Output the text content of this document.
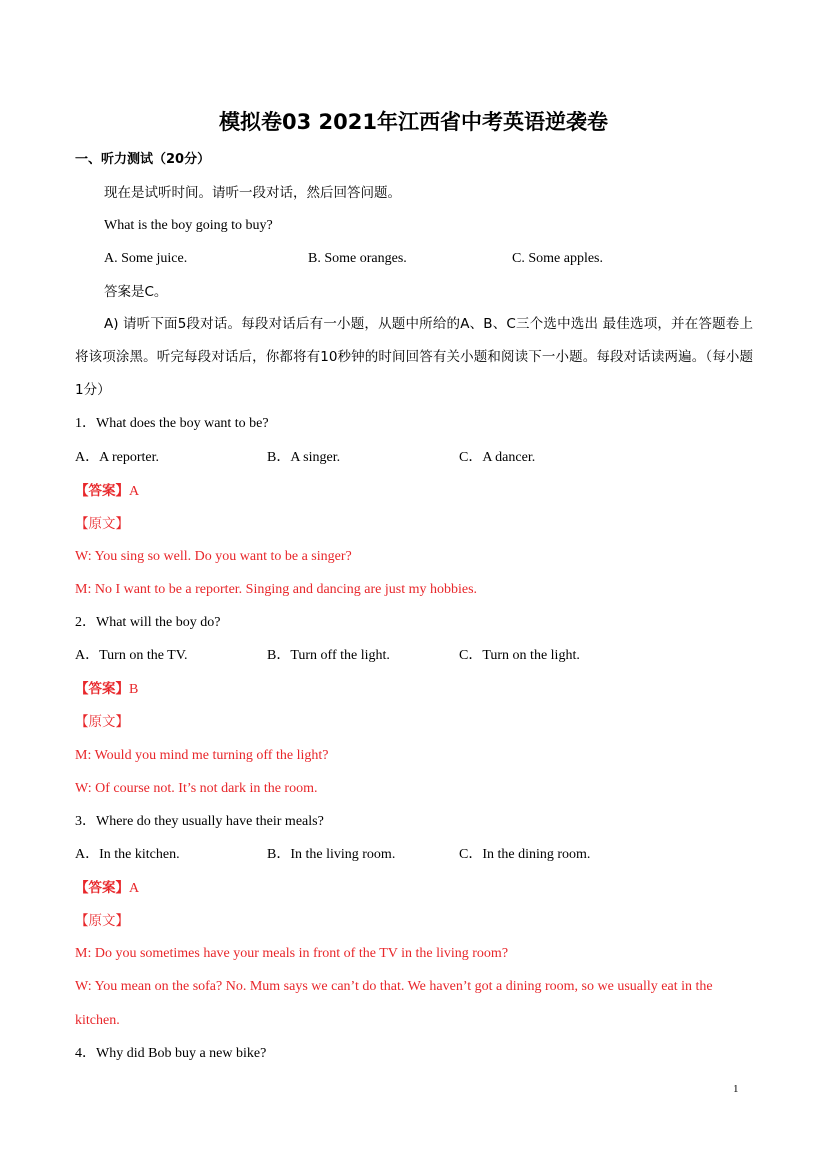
模拟卷03 2021年江西省中考英语逆袭卷
一、听力测试（20分）
现在是试听时间。请听一段对话，然后回答问题。
What is the boy going to buy?
A. Some juice.	B. Some oranges.	C. Some apples.
答案是C。
A) 请听下面5段对话。每段对话后有一小题，从题中所给的A、B、C三个选中选出 最佳选项，并在答题卷上将该项涂黑。听完每段对话后，你都将有10秒钟的时间回答有关小题和阅读下一小题。每段对话读两遍。（每小题1分）
1．What does the boy want to be?
A．A reporter.	B．A singer.	C．A dancer.
【答案】A
【原文】
W: You sing so well. Do you want to be a singer?
M: No I want to be a reporter. Singing and dancing are just my hobbies.
2．What will the boy do?
A．Turn on the TV.	B．Turn off the light.	C．Turn on the light.
【答案】B
【原文】
M: Would you mind me turning off the light?
W: Of course not. It’s not dark in the room.
3．Where do they usually have their meals?
A．In the kitchen.	B．In the living room.	C．In the dining room.
【答案】A
【原文】
M: Do you sometimes have your meals in front of the TV in the living room?
W: You mean on the sofa? No. Mum says we can’t do that. We haven’t got a dining room, so we usually eat in the
kitchen.
4．Why did Bob buy a new bike?
1
